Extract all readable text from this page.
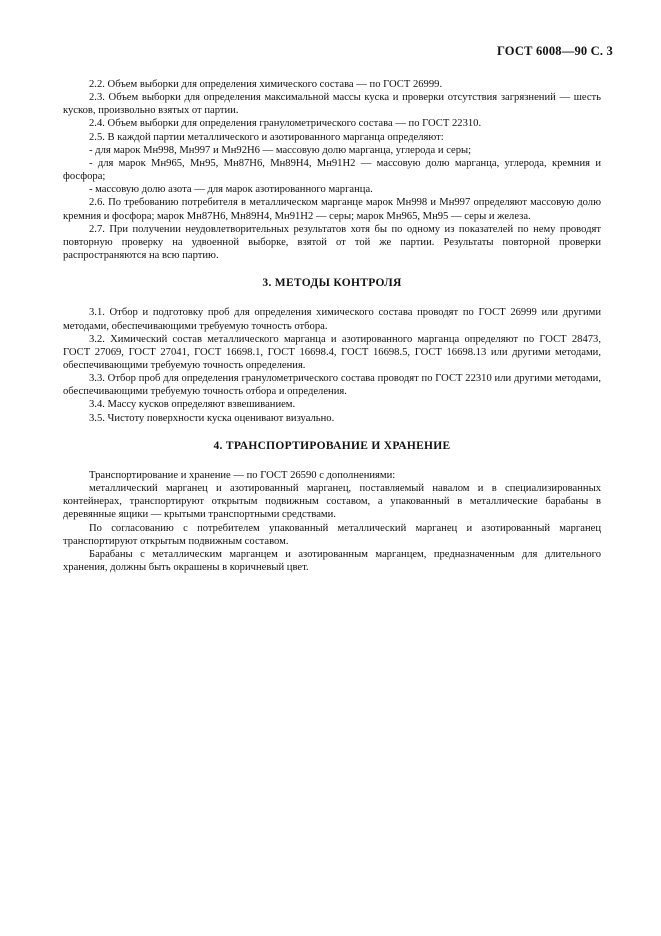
ГОСТ 6008—90 С. 3

2.2. Объем выборки для определения химического состава — по ГОСТ 26999.

2.3. Объем выборки для определения максимальной массы куска и проверки отсутствия загрязнений — шесть кусков, произвольно взятых от партии.

2.4. Объем выборки для определения гранулометрического состава — по ГОСТ 22310.

2.5. В каждой партии металлического и азотированного марганца определяют:

- для марок Мн998, Мн997 и Мн92Н6 — массовую долю марганца, углерода и серы;

- для марок Мн965, Мн95, Мн87Н6, Мн89Н4, Мн91Н2 — массовую долю марганца, углерода, кремния и фосфора;

- массовую долю азота — для марок азотированного марганца.

2.6. По требованию потребителя в металлическом марганце марок Мн998 и Мн997 определяют массовую долю кремния и фосфора; марок Мн87Н6, Мн89Н4, Мн91Н2 — серы; марок Мн965, Мн95 — серы и железа.

2.7. При получении неудовлетворительных результатов хотя бы по одному из показателей по нему проводят повторную проверку на удвоенной выборке, взятой от той же партии. Результаты повторной проверки распространяются на всю партию.

3. МЕТОДЫ КОНТРОЛЯ

3.1. Отбор и подготовку проб для определения химического состава проводят по ГОСТ 26999 или другими методами, обеспечивающими требуемую точность отбора.

3.2. Химический состав металлического марганца и азотированного марганца определяют по ГОСТ 28473, ГОСТ 27069, ГОСТ 27041, ГОСТ 16698.1, ГОСТ 16698.4, ГОСТ 16698.5, ГОСТ 16698.13 или другими методами, обеспечивающими требуемую точность определения.

3.3. Отбор проб для определения гранулометрического состава проводят по ГОСТ 22310 или другими методами, обеспечивающими требуемую точность отбора и определения.

3.4. Массу кусков определяют взвешиванием.

3.5. Чистоту поверхности куска оценивают визуально.

4. ТРАНСПОРТИРОВАНИЕ И ХРАНЕНИЕ

Транспортирование и хранение — по ГОСТ 26590 с дополнениями:

металлический марганец и азотированный марганец, поставляемый навалом и в специализированных контейнерах, транспортируют открытым подвижным составом, а упакованный в металлические барабаны в деревянные ящики — крытыми транспортными средствами.

По согласованию с потребителем упакованный металлический марганец и азотированный марганец транспортируют открытым подвижным составом.

Барабаны с металлическим марганцем и азотированным марганцем, предназначенным для длительного хранения, должны быть окрашены в коричневый цвет.
